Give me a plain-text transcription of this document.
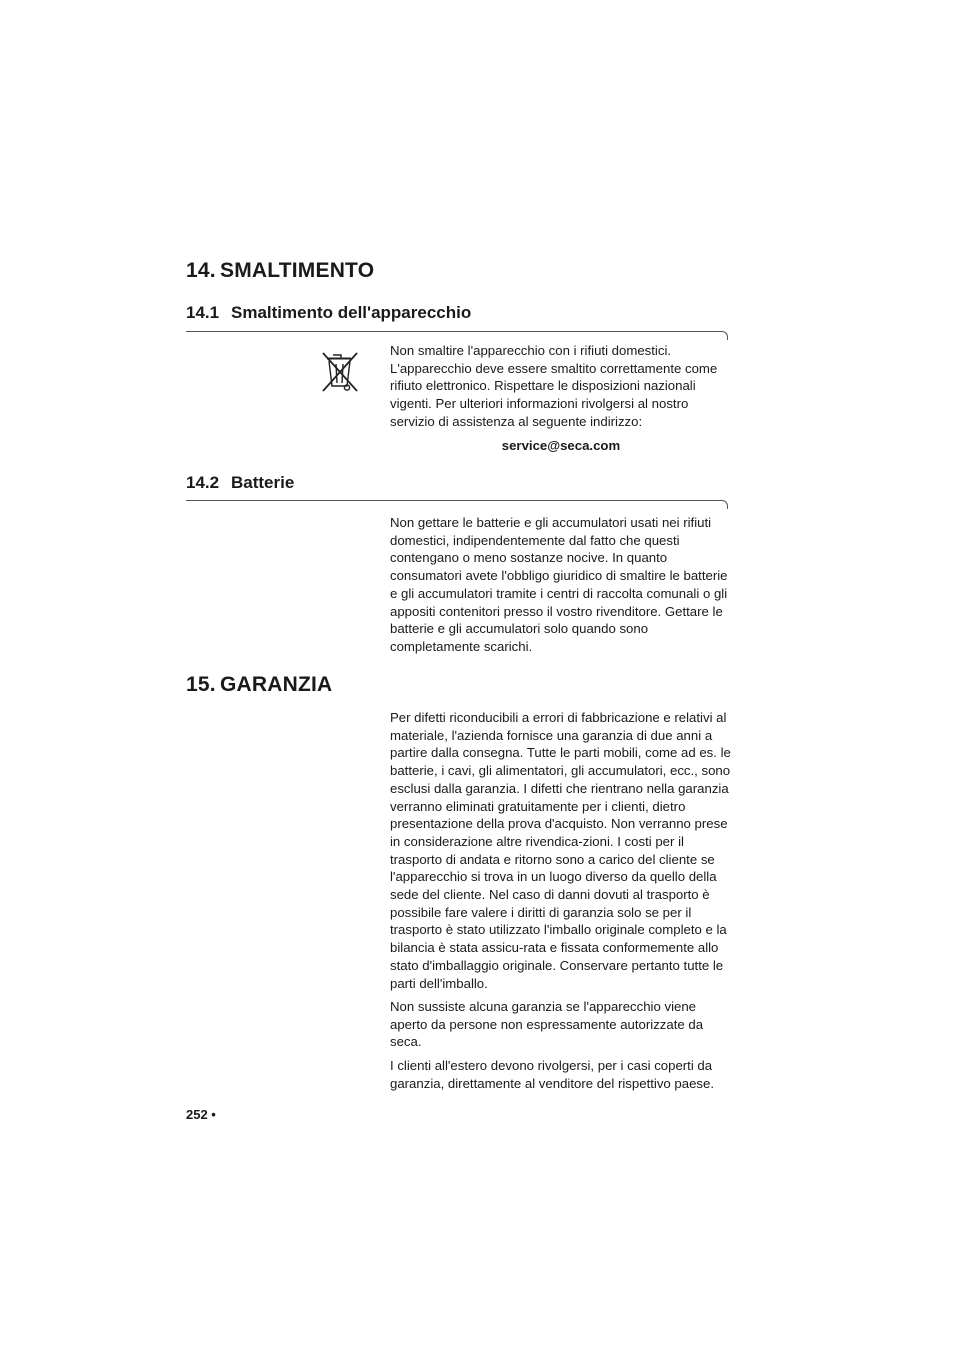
14. SMALTIMENTO
14.1 Smaltimento dell'apparecchio

Non smaltire l'apparecchio con i rifiuti domestici. L'apparecchio deve essere smaltito correttamente come rifiuto elettronico. Rispettare le disposizioni nazionali vigenti. Per ulteriori informazioni rivolgersi al nostro servizio di assistenza al seguente indirizzo:

service@seca.com

14.2 Batterie

Non gettare le batterie e gli accumulatori usati nei rifiuti domestici, indipendentemente dal fatto che questi contengano o meno sostanze nocive. In quanto consumatori avete l'obbligo giuridico di smaltire le batterie e gli accumulatori tramite i centri di raccolta comunali o gli appositi contenitori presso il vostro rivenditore. Gettare le batterie e gli accumulatori solo quando sono completamente scarichi.

15. GARANZIA

Per difetti riconducibili a errori di fabbricazione e relativi al materiale, l'azienda fornisce una garanzia di due anni a partire dalla consegna. Tutte le parti mobili, come ad es. le batterie, i cavi, gli alimentatori, gli accumulatori, ecc., sono esclusi dalla garanzia. I difetti che rientrano nella garanzia verranno eliminati gratuitamente per i clienti, dietro presentazione della prova d'acquisto. Non verranno prese in considerazione altre rivendica-zioni. I costi per il trasporto di andata e ritorno sono a carico del cliente se l'apparecchio si trova in un luogo diverso da quello della sede del cliente. Nel caso di danni dovuti al trasporto è possibile fare valere i diritti di garanzia solo se per il trasporto è stato utilizzato l'imballo originale completo e la bilancia è stata assicu-rata e fissata conformemente allo stato d'imballaggio originale. Conservare pertanto tutte le parti dell'imballo.

Non sussiste alcuna garanzia se l'apparecchio viene aperto da persone non espressamente autorizzate da seca.

I clienti all'estero devono rivolgersi, per i casi coperti da garanzia, direttamente al venditore del rispettivo paese.

252 •
